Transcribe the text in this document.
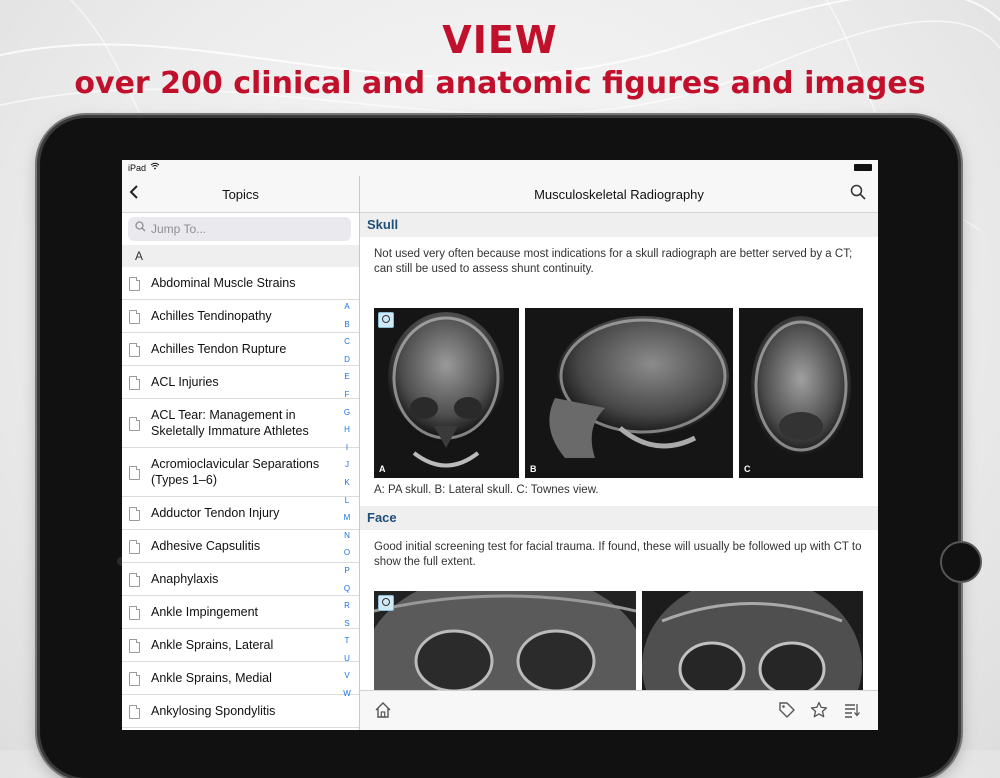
VIEW
over 200 clinical and anatomic figures and images
iPad
Topics
Jump To...
A
Abdominal Muscle Strains
Achilles Tendinopathy
Achilles Tendon Rupture
ACL Injuries
ACL Tear: Management in Skeletally Immature Athletes
Acromioclavicular Separations (Types 1–6)
Adductor Tendon Injury
Adhesive Capsulitis
Anaphylaxis
Ankle Impingement
Ankle Sprains, Lateral
Ankle Sprains, Medial
Ankylosing Spondylitis
A
B
C
D
E
F
G
H
I
J
K
L
M
N
O
P
Q
R
S
T
U
V
W
Musculoskeletal Radiography
Skull
Not used very often because most indications for a skull radiograph are better served by a CT; can still be used to assess shunt continuity.
A	B	C
A: PA skull. B: Lateral skull. C: Townes view.
Face
Good initial screening test for facial trauma. If found, these will usually be followed up with CT to show the full extent.
